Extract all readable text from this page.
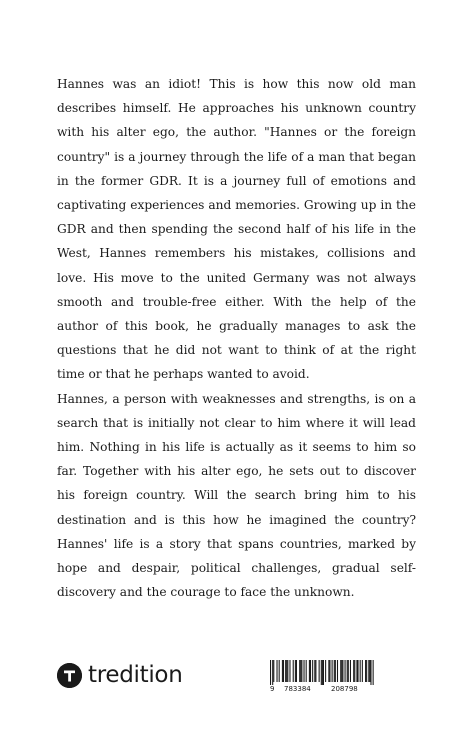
Hannes was an idiot! This is how this now old man describes himself. He approaches his unknown country with his alter ego, the author. "Hannes or the foreign country" is a journey through the life of a man that began in the former GDR. It is a journey full of emotions and captivating experiences and memories. Growing up in the GDR and then spending the second half of his life in the West, Hannes remembers his mistakes, collisions and love. His move to the united Germany was not always smooth and trouble-free either. With the help of the author of this book, he gradually manages to ask the questions that he did not want to think of at the right time or that he perhaps wanted to avoid.

Hannes, a person with weaknesses and strengths, is on a search that is initially not clear to him where it will lead him. Nothing in his life is actually as it seems to him so far. Together with his alter ego, he sets out to discover his foreign country. Will the search bring him to his destination and is this how he imagined the country? Hannes' life is a story that spans countries, marked by hope and despair, political challenges, gradual self-discovery and the courage to face the unknown.

tredition
9 783384	208798
